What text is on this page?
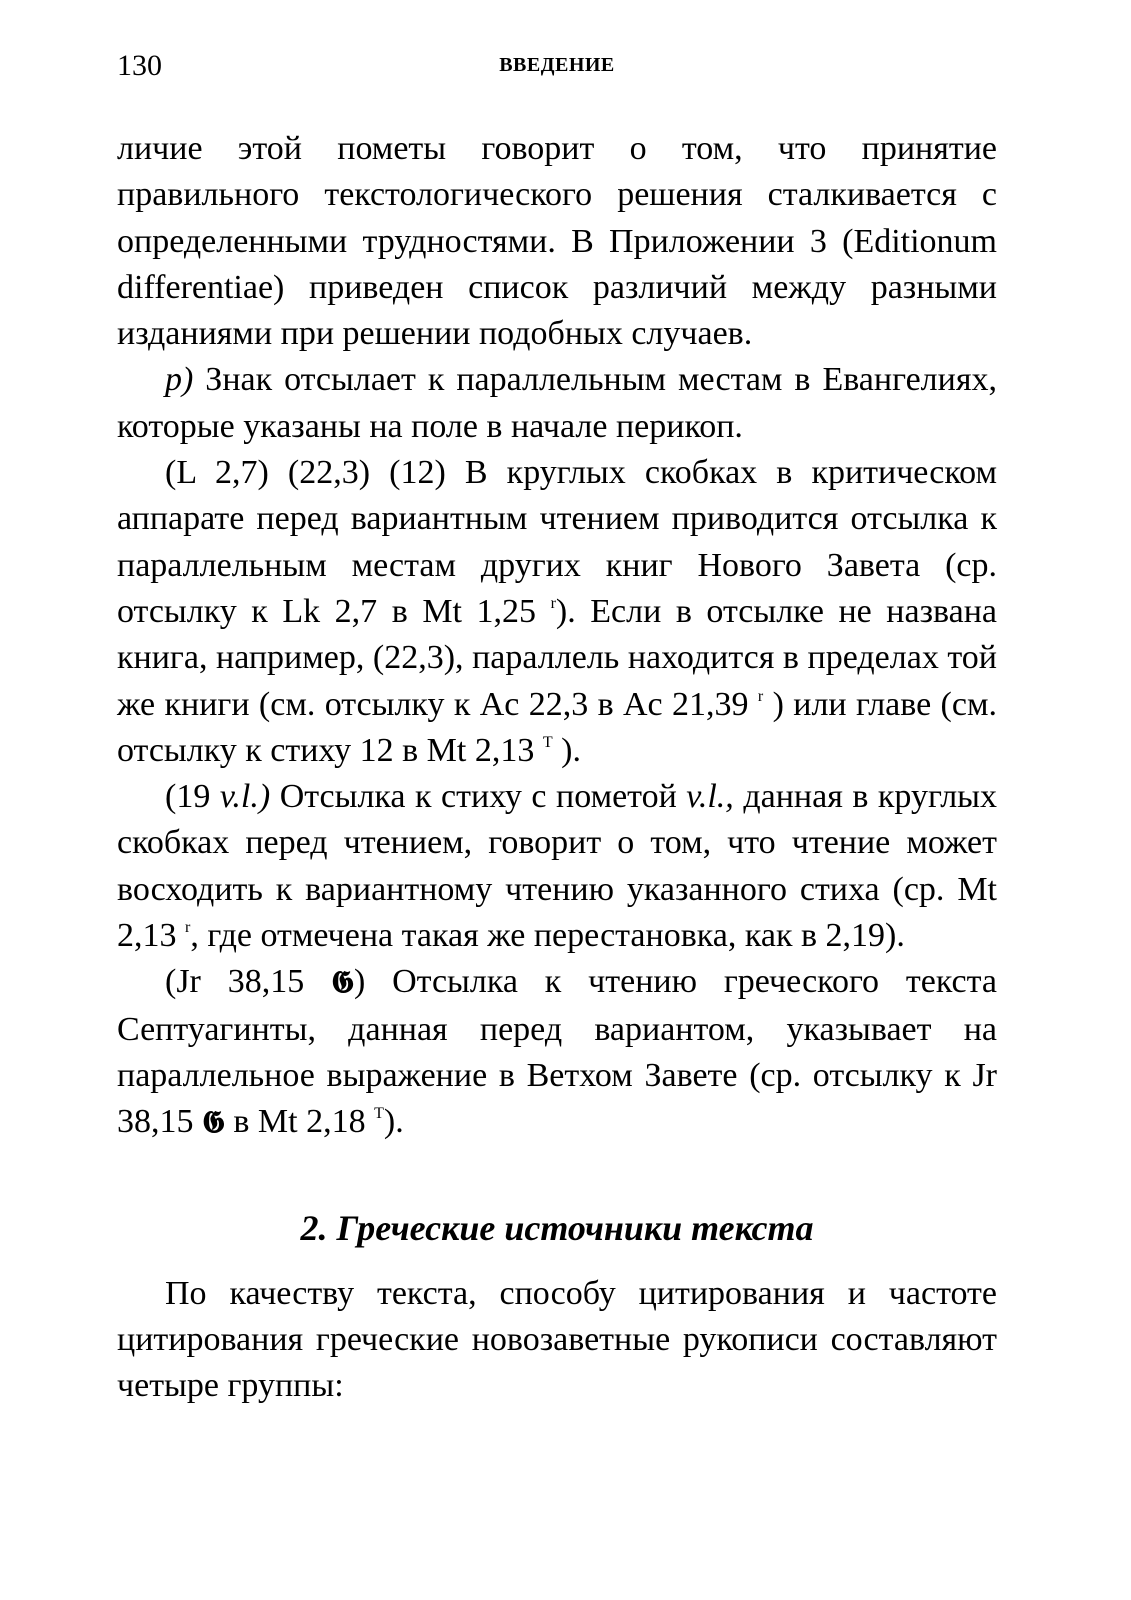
130	ВВЕДЕНИЕ

личие этой пометы говорит о том, что принятие правильного текстологического решения сталкивается с определенными трудностями. В Приложении 3 (Editionum differentiae) приведен список различий между разными изданиями при решении подобных случаев.

p) Знак отсылает к параллельным местам в Евангелиях, которые указаны на поле в начале перикоп.

(L 2,7) (22,3) (12) В круглых скобках в критическом аппарате перед вариантным чтением приводится отсылка к параллельным местам других книг Нового Завета (ср. отсылку к Lk 2,7 в Mt 1,25 $^r$). Если в отсылке не названа книга, например, (22,3), параллель находится в пределах той же книги (см. отсылку к Ac 22,3 в Ac 21,39 $^r$ ) или главе (см. отсылку к стиху 12 в Mt 2,13 $^T$ ).

(19 v.l.) Отсылка к стиху с пометой v.l., данная в круглых скобках перед чтением, говорит о том, что чтение может восходить к вариантному чтению указанного стиха (ср. Mt 2,13 $^r$, где отмечена такая же перестановка, как в 2,19).

(Jr 38,15 𝕲) Отсылка к чтению греческого текста Септуагинты, данная перед вариантом, указывает на параллельное выражение в Ветхом Завете (ср. отсылку к Jr 38,15 𝕲 в Mt 2,18 $^T$).

2. Греческие источники текста

По качеству текста, способу цитирования и частоте цитирования греческие новозаветные рукописи составляют четыре группы:
